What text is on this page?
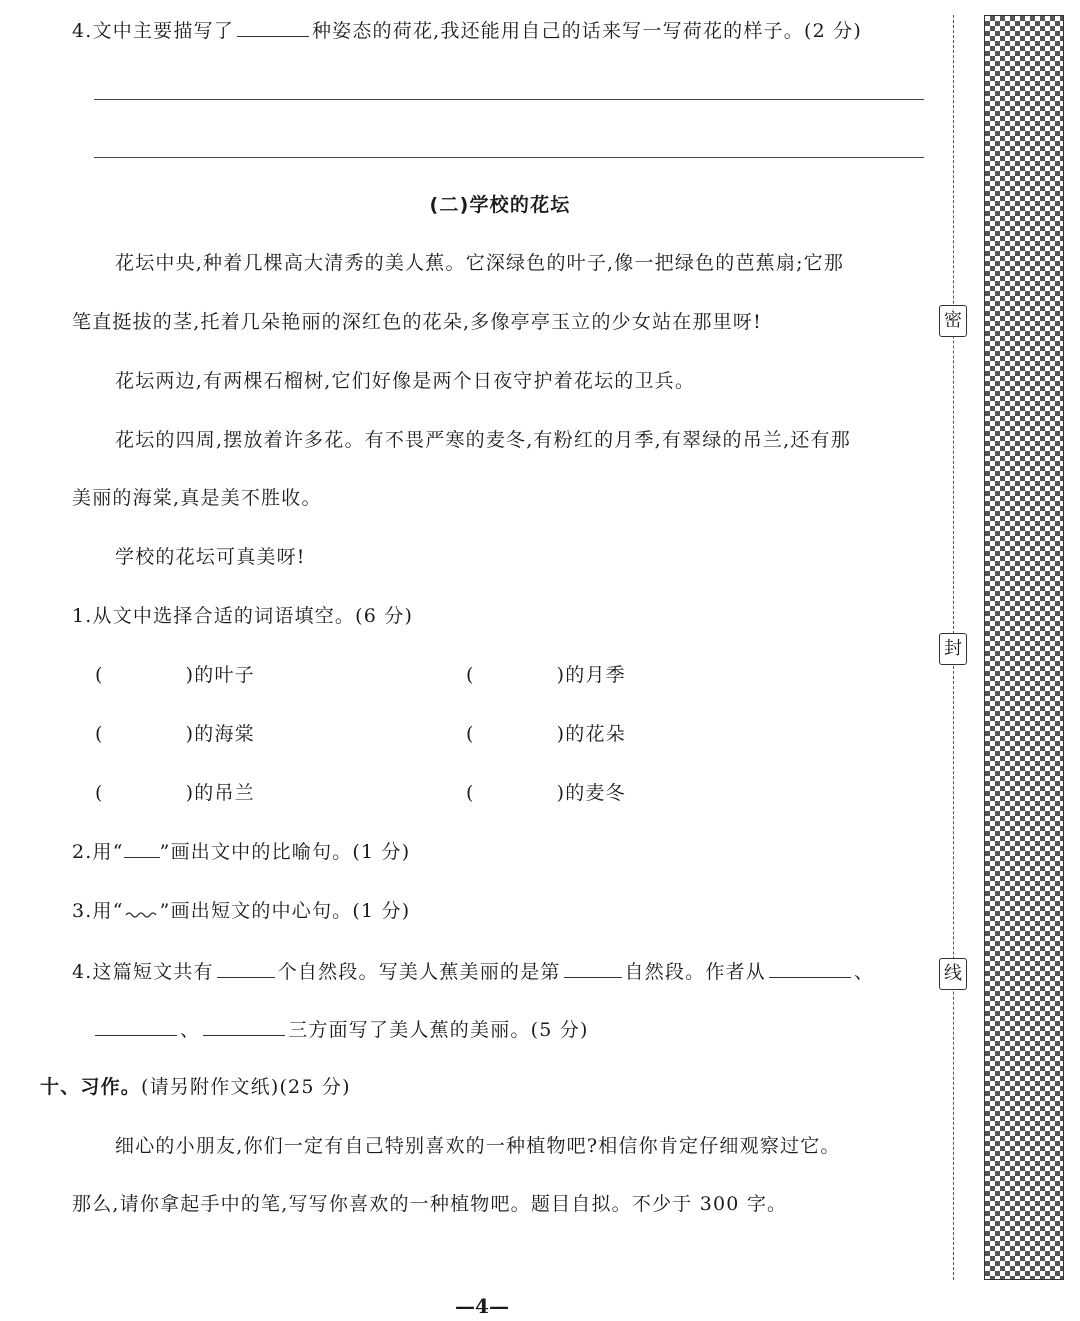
4.文中主要描写了	种姿态的荷花,我还能用自己的话来写一写荷花的样子。(2 分)
(二)学校的花坛
花坛中央,种着几棵高大清秀的美人蕉。它深绿色的叶子,像一把绿色的芭蕉扇;它那
笔直挺拔的茎,托着几朵艳丽的深红色的花朵,多像亭亭玉立的少女站在那里呀!
花坛两边,有两棵石榴树,它们好像是两个日夜守护着花坛的卫兵。
花坛的四周,摆放着许多花。有不畏严寒的麦冬,有粉红的月季,有翠绿的吊兰,还有那
美丽的海棠,真是美不胜收。
学校的花坛可真美呀!
1.从文中选择合适的词语填空。(6 分)
(	)的叶子	(	)的月季
(	)的海棠	(	)的花朵
(	)的吊兰	(	)的麦冬
2.用“ ”画出文中的比喻句。(1 分)
3.用“ ”画出短文的中心句。(1 分)
4.这篇短文共有	个自然段。写美人蕉美丽的是第	自然段。作者从	、
、	三方面写了美人蕉的美丽。(5 分)
十、习作。(请另附作文纸)(25 分)
细心的小朋友,你们一定有自己特别喜欢的一种植物吧?相信你肯定仔细观察过它。
那么,请你拿起手中的笔,写写你喜欢的一种植物吧。题目自拟。不少于 300 字。
密
封
线
—4—
